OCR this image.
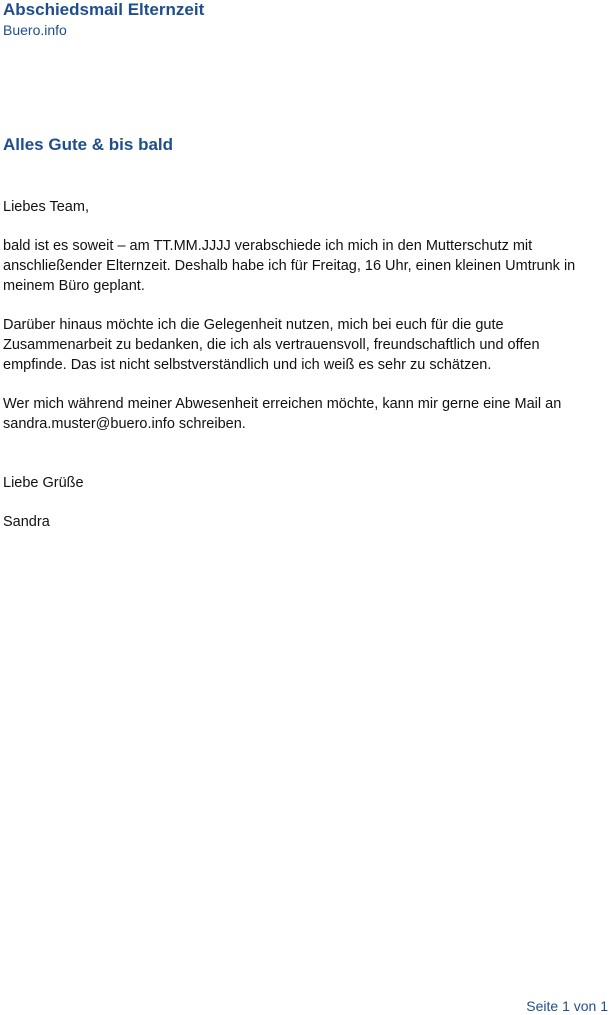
Abschiedsmail Elternzeit
Buero.info
Alles Gute & bis bald
Liebes Team,
bald ist es soweit – am TT.MM.JJJJ verabschiede ich mich in den Mutterschutz mit anschließender Elternzeit. Deshalb habe ich für Freitag, 16 Uhr, einen kleinen Umtrunk in meinem Büro geplant.
Darüber hinaus möchte ich die Gelegenheit nutzen, mich bei euch für die gute Zusammenarbeit zu bedanken, die ich als vertrauensvoll, freundschaftlich und offen empfinde. Das ist nicht selbstverständlich und ich weiß es sehr zu schätzen.
Wer mich während meiner Abwesenheit erreichen möchte, kann mir gerne eine Mail an sandra.muster@buero.info schreiben.
Liebe Grüße
Sandra
Seite 1 von 1
